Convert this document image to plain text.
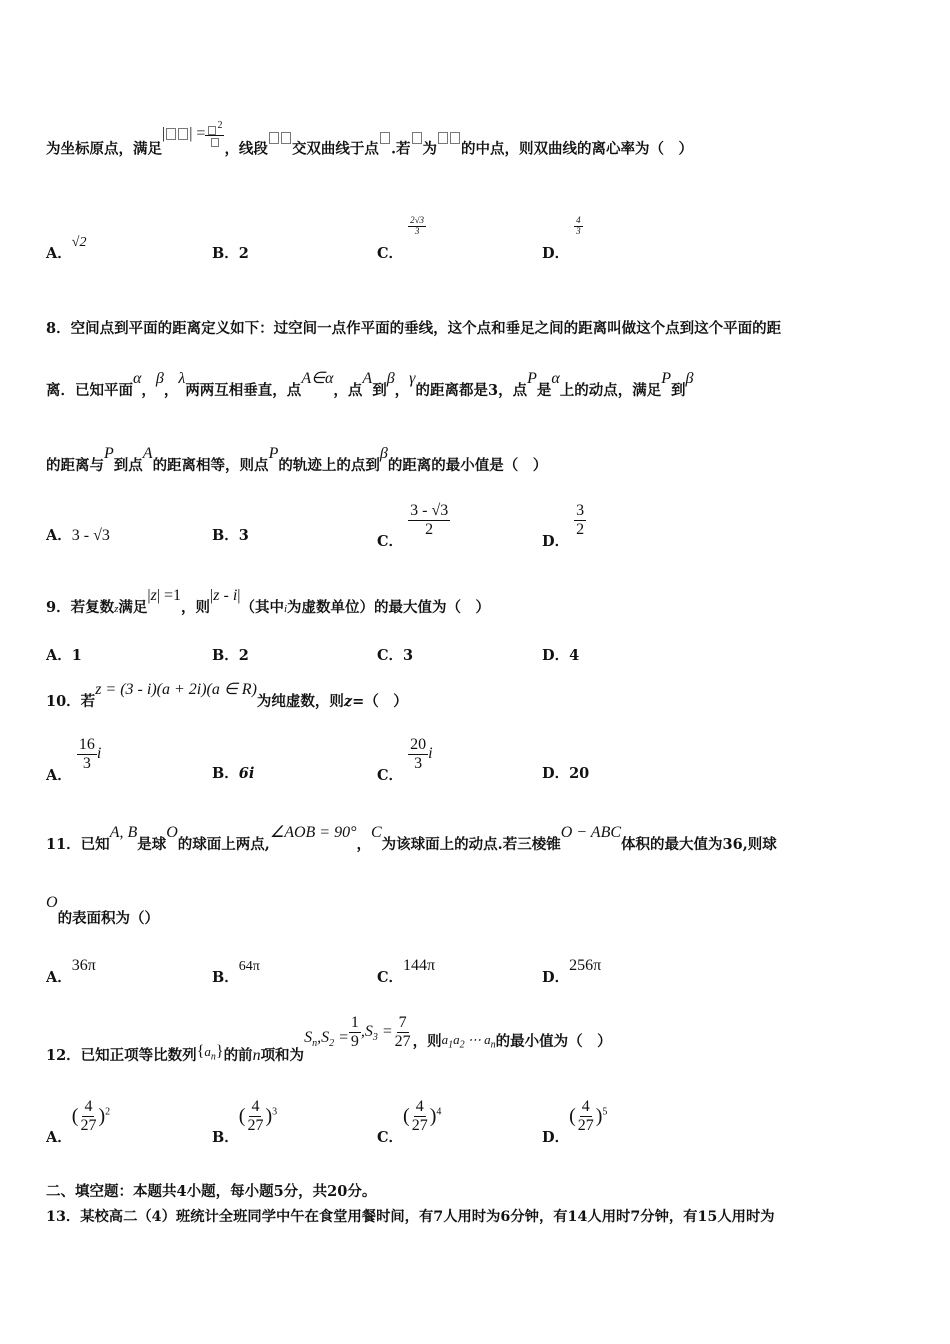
为坐标原点，满足| | =	$^2$
，线段 交双曲线于点 .若 为 的中点，则双曲线的离心率为（　）
A．√2
B．2	C．
$\frac{2√3}{3}$
D．
$\frac{4}{3}$
8．空间点到平面的距离定义如下：过空间一点作平面的垂线，这个点和垂足之间的距离叫做这个点到这个平面的距
离．已知平面α，β，λ两两互相垂直，点A∈α，点A到β，γ的距离都是3，点P是α上的动点，满足P到β
的距离与P到点A的距离相等，则点P的轨迹上的点到β的距离的最小值是（　）
A．3 - √3	B．3	C．
$\frac{3 - √3}{2}$
D．
$\frac{3}{2}$
9．若复数z满足|z| =1，则|z - i|（其中i为虚数单位）的最大值为（　）
A．1	B．2	C．3	D．4
10．若z = (3 - i)(a + 2i)(a ∈ R)为纯虚数，则z=（　）
A．
$\frac{16}{3}$ i
B．6i	C．
$\frac{20}{3}$ i
D．20
11．已知A, B是球O的球面上两点,∠AOB = 90°，C为该球面上的动点.若三棱锥O − ABC体积的最大值为36,则球
O的表面积为（）
A．36π
B．64π
C．144π
D．256π
12．已知正项等比数列$\{a_n\}$的前n项和为$S_n,S_2 = \frac{1}{9} ,S_3 = \frac{7}{27}$ ，则$a_1a_2$ ⋯ $a_n$的最小值为（　）
A．( $\frac{4}{27} )^2$
B．( $\frac{4}{27} )^3$
C．( $\frac{4}{27} )^4$
D．( $\frac{4}{27} )^5$
二、填空题：本题共4小题，每小题5分，共20分。
13．某校高二（4）班统计全班同学中午在食堂用餐时间，有7人用时为6分钟，有14人用时7分钟，有15人用时为
